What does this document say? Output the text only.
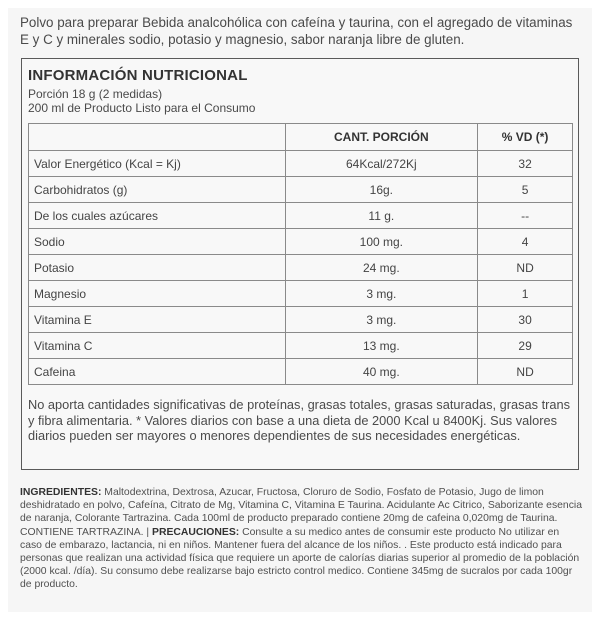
Polvo para preparar Bebida analcohólica con cafeína y taurina, con el agregado de vitaminas E y C y minerales sodio, potasio y magnesio, sabor naranja libre de gluten.
INFORMACIÓN NUTRICIONAL
Porción 18 g (2 medidas)
200 ml de Producto Listo para el Consumo
	CANT. PORCIÓN	% VD (*)
Valor Energético (Kcal = Kj)	64Kcal/272Kj	32
Carbohidratos (g)	16g.	5
De los cuales azúcares	11 g.	--
Sodio	100 mg.	4
Potasio	24 mg.	ND
Magnesio	3 mg.	1
Vitamina E	3 mg.	30
Vitamina C	13 mg.	29
Cafeina	40 mg.	ND
No aporta cantidades significativas de proteínas, grasas totales, grasas saturadas, grasas trans y fibra alimentaria. * Valores diarios con base a una dieta de 2000 Kcal u 8400Kj. Sus valores diarios pueden ser mayores o menores dependientes de sus necesidades energéticas.
INGREDIENTES: Maltodextrina, Dextrosa, Azucar, Fructosa, Cloruro de Sodio, Fosfato de Potasio, Jugo de limon deshidratado en polvo, Cafeína, Citrato de Mg, Vitamina C, Vitamina E Taurina. Acidulante Ac Citrico, Saborizante esencia de naranja, Colorante Tartrazina. Cada 100ml de producto preparado contiene 20mg de cafeina 0,020mg de Taurina. CONTIENE TARTRAZINA. | PRECAUCIONES: Consulte a su medico antes de consumir este producto No utilizar en caso de embarazo, lactancia, ni en niños. Mantener fuera del alcance de los niños. . Este producto está indicado para personas que realizan una actividad física que requiere un aporte de calorías diarias superior al promedio de la población (2000 kcal. /día). Su consumo debe realizarse bajo estricto control medico. Contiene 345mg de sucralos por cada 100gr de producto.
